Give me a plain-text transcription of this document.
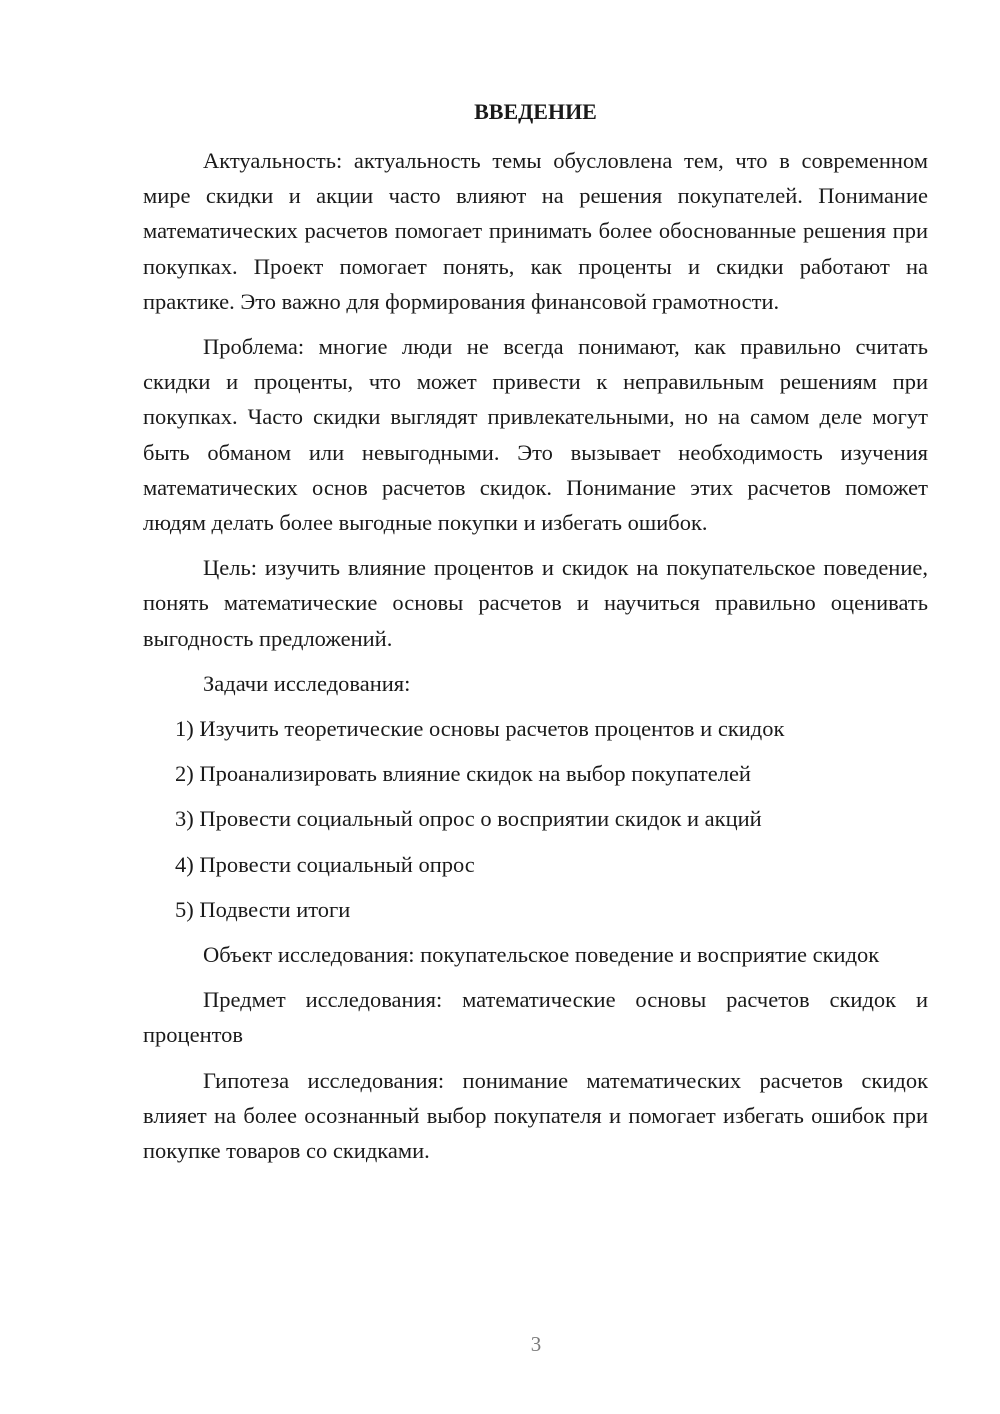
ВВЕДЕНИЕ

Актуальность: актуальность темы обусловлена тем, что в современном мире скидки и акции часто влияют на решения покупателей. Понимание математических расчетов помогает принимать более обоснованные решения при покупках. Проект помогает понять, как проценты и скидки работают на практике. Это важно для формирования финансовой грамотности.

Проблема: многие люди не всегда понимают, как правильно считать скидки и проценты, что может привести к неправильным решениям при покупках. Часто скидки выглядят привлекательными, но на самом деле могут быть обманом или невыгодными. Это вызывает необходимость изучения математических основ расчетов скидок. Понимание этих расчетов поможет людям делать более выгодные покупки и избегать ошибок.

Цель: изучить влияние процентов и скидок на покупательское поведение, понять математические основы расчетов и научиться правильно оценивать выгодность предложений.

Задачи исследования:

1) Изучить теоретические основы расчетов процентов и скидок
2) Проанализировать влияние скидок на выбор покупателей
3) Провести социальный опрос о восприятии скидок и акций
4) Провести социальный опрос
5) Подвести итоги

Объект исследования: покупательское поведение и восприятие скидок

Предмет исследования: математические основы расчетов скидок и процентов

Гипотеза исследования: понимание математических расчетов скидок влияет на более осознанный выбор покупателя и помогает избегать ошибок при покупке товаров со скидками.

3
